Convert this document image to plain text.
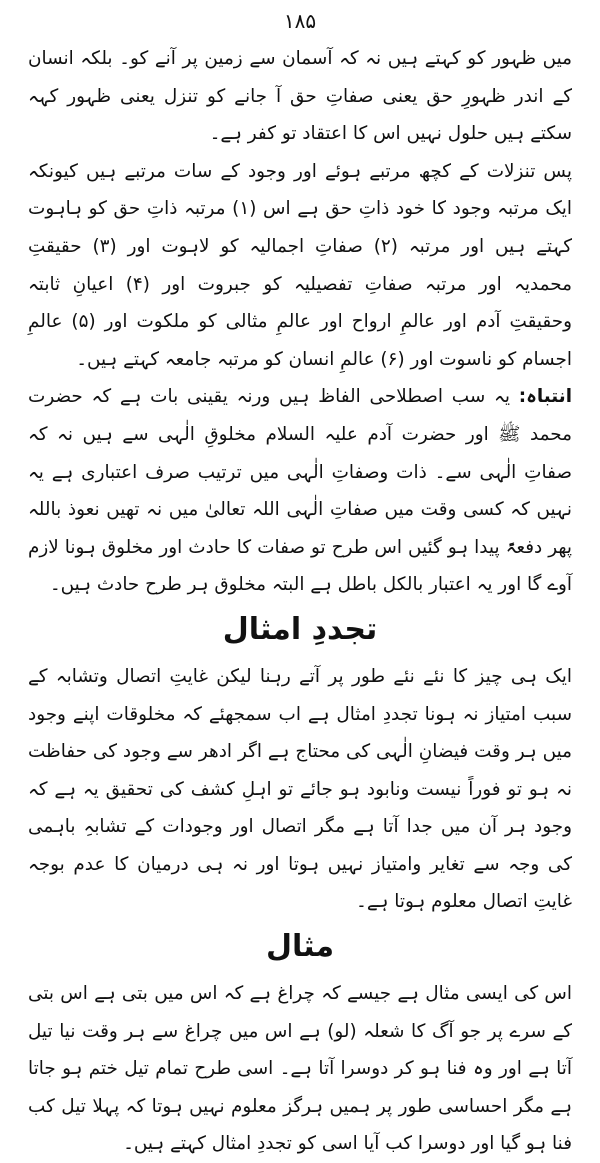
۱۸۵

میں ظہور کو کہتے ہیں نہ کہ آسمان سے زمین پر آنے کو۔ بلکہ انسان کے اندر ظہورِ حق یعنی صفاتِ حق آ جانے کو تنزل یعنی ظہور کہہ سکتے ہیں حلول نہیں اس کا اعتقاد تو کفر ہے۔

پس تنزلات کے کچھ مرتبے ہوئے اور وجود کے سات مرتبے ہیں کیونکہ ایک مرتبہ وجود کا خود ذاتِ حق ہے اس (۱) مرتبہ ذاتِ حق کو ہاہوت کہتے ہیں اور مرتبہ (۲) صفاتِ اجمالیہ کو لاہوت اور (۳) حقیقتِ محمدیہ اور مرتبہ صفاتِ تفصیلیہ کو جبروت اور (۴) اعیانِ ثابتہ وحقیقتِ آدم اور عالمِ ارواح اور عالمِ مثالی کو ملکوت اور (۵) عالمِ اجسام کو ناسوت اور (۶) عالمِ انسان کو مرتبہ جامعہ کہتے ہیں۔

انتباہ: یہ سب اصطلاحی الفاظ ہیں ورنہ یقینی بات ہے کہ حضرت محمد ﷺ اور حضرت آدم علیہ السلام مخلوقِ الٰہی سے ہیں نہ کہ صفاتِ الٰہی سے۔ ذات وصفاتِ الٰہی میں ترتیب صرف اعتباری ہے یہ نہیں کہ کسی وقت میں صفاتِ الٰہی اللہ تعالیٰ میں نہ تھیں نعوذ باللہ پھر دفعۃً پیدا ہو گئیں اس طرح تو صفات کا حادث اور مخلوق ہونا لازم آوے گا اور یہ اعتبار بالکل باطل ہے البتہ مخلوق ہر طرح حادث ہیں۔

تجددِ امثال

ایک ہی چیز کا نئے نئے طور پر آتے رہنا لیکن غایتِ اتصال وتشابہ کے سبب امتیاز نہ ہونا تجددِ امثال ہے اب سمجھئے کہ مخلوقات اپنے وجود میں ہر وقت فیضانِ الٰہی کی محتاج ہے اگر ادھر سے وجود کی حفاظت نہ ہو تو فوراً نیست ونابود ہو جائے تو اہلِ کشف کی تحقیق یہ ہے کہ وجود ہر آن میں جدا آتا ہے مگر اتصال اور وجودات کے تشابہِ باہمی کی وجہ سے تغایر وامتیاز نہیں ہوتا اور نہ ہی درمیان کا عدم بوجہ غایتِ اتصال معلوم ہوتا ہے۔

مثال

اس کی ایسی مثال ہے جیسے کہ چراغ ہے کہ اس میں بتی ہے اس بتی کے سرے پر جو آگ کا شعلہ (لو) ہے اس میں چراغ سے ہر وقت نیا تیل آتا ہے اور وہ فنا ہو کر دوسرا آتا ہے۔ اسی طرح تمام تیل ختم ہو جاتا ہے مگر احساسی طور پر ہمیں ہرگز معلوم نہیں ہوتا کہ پہلا تیل کب فنا ہو گیا اور دوسرا کب آیا اسی کو تجددِ امثال کہتے ہیں۔
